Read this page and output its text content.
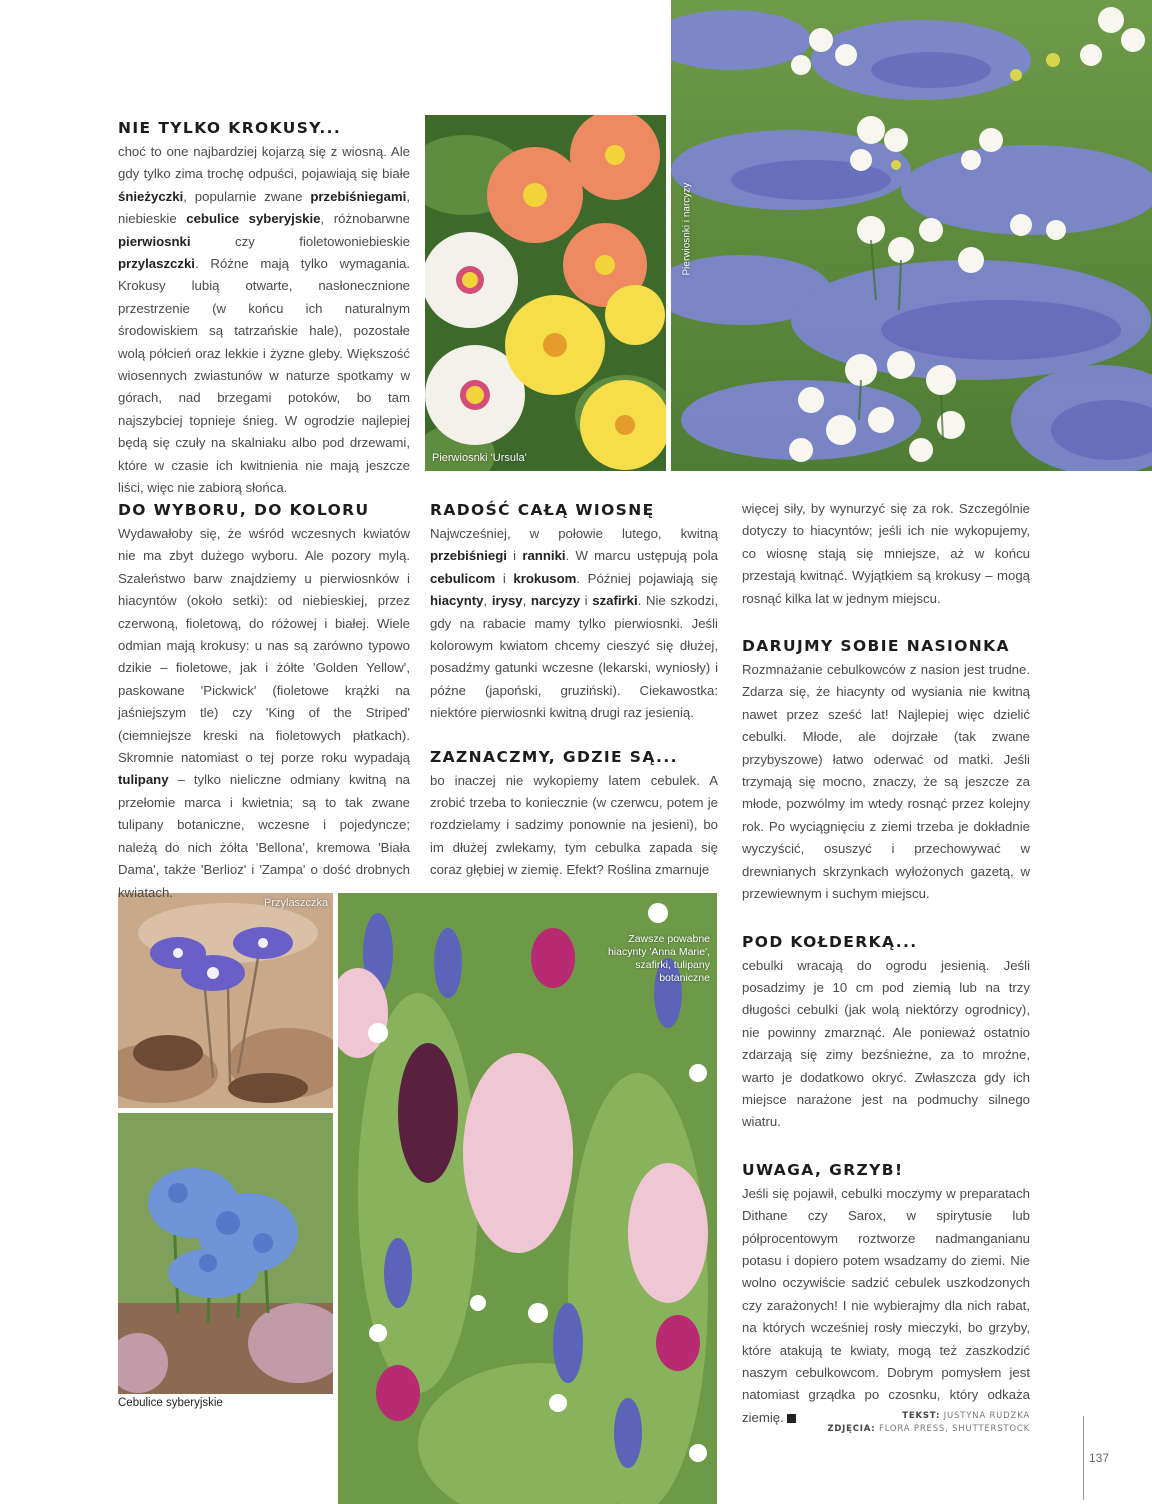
Pierwiosnki i narcyzy
Pierwiosnki 'Ursula'
Przylaszczka
Cebulice syberyjskie
Zawsze powabne hiacynty 'Anna Marie', szafirki, tulipany botaniczne
NIE TYLKO KROKUSY...

choć to one najbardziej kojarzą się z wiosną. Ale gdy tylko zima trochę odpuści, pojawiają się białe śnieżyczki, popularnie zwane przebiśniegami, niebieskie cebulice syberyjskie, różnobarwne pierwiosnki czy fioletowoniebieskie przylaszczki. Różne mają tylko wymagania. Krokusy lubią otwarte, nasłonecznione przestrzenie (w końcu ich naturalnym środowiskiem są tatrzańskie hale), pozostałe wolą półcień oraz lekkie i żyzne gleby. Większość wiosennych zwiastunów w naturze spotkamy w górach, nad brzegami potoków, bo tam najszybciej topnieje śnieg. W ogrodzie najlepiej będą się czuły na skalniaku albo pod drzewami, które w czasie ich kwitnienia nie mają jeszcze liści, więc nie zabiorą słońca.

DO WYBORU, DO KOLORU

Wydawałoby się, że wśród wczesnych kwiatów nie ma zbyt dużego wyboru. Ale pozory mylą. Szaleństwo barw znajdziemy u pierwiosnków i hiacyntów (około setki): od niebieskiej, przez czerwoną, fioletową, do różowej i białej. Wiele odmian mają krokusy: u nas są zarówno typowo dzikie – fioletowe, jak i żółte 'Golden Yellow', paskowane 'Pickwick' (fioletowe krążki na jaśniejszym tle) czy 'King of the Striped' (ciemniejsze kreski na fioletowych płatkach). Skromnie natomiast o tej porze roku wypadają tulipany – tylko nieliczne odmiany kwitną na przełomie marca i kwietnia; są to tak zwane tulipany botaniczne, wczesne i pojedyncze; należą do nich żółta 'Bellona', kremowa 'Biała Dama', także 'Berlioz' i 'Zampa' o dość drobnych kwiatach.

RADOŚĆ CAŁĄ WIOSNĘ

Najwcześniej, w połowie lutego, kwitną przebiśniegi i ranniki. W marcu ustępują pola cebulicom i krokusom. Później pojawiają się hiacynty, irysy, narcyzy i szafirki. Nie szkodzi, gdy na rabacie mamy tylko pierwiosnki. Jeśli kolorowym kwiatom chcemy cieszyć się dłużej, posadźmy gatunki wczesne (lekarski, wyniosły) i późne (japoński, gruziński). Ciekawostka: niektóre pierwiosnki kwitną drugi raz jesienią.

ZAZNACZMY, GDZIE SĄ...

bo inaczej nie wykopiemy latem cebulek. A zrobić trzeba to koniecznie (w czerwcu, potem je rozdzielamy i sadzimy ponownie na jesieni), bo im dłużej zwlekamy, tym cebulka zapada się coraz głębiej w ziemię. Efekt? Roślina zmarnuje

więcej siły, by wynurzyć się za rok. Szczególnie dotyczy to hiacyntów; jeśli ich nie wykopujemy, co wiosnę stają się mniejsze, aż w końcu przestają kwitnąć. Wyjątkiem są krokusy – mogą rosnąć kilka lat w jednym miejscu.

DARUJMY SOBIE NASIONKA

Rozmnażanie cebulkowców z nasion jest trudne. Zdarza się, że hiacynty od wysiania nie kwitną nawet przez sześć lat! Najlepiej więc dzielić cebulki. Młode, ale dojrzałe (tak zwane przybyszowe) łatwo oderwać od matki. Jeśli trzymają się mocno, znaczy, że są jeszcze za młode, pozwólmy im wtedy rosnąć przez kolejny rok. Po wyciągnięciu z ziemi trzeba je dokładnie wyczyścić, osuszyć i przechowywać w drewnianych skrzynkach wyłożonych gazetą, w przewiewnym i suchym miejscu.

POD KOŁDERKĄ...

cebulki wracają do ogrodu jesienią. Jeśli posadzimy je 10 cm pod ziemią lub na trzy długości cebulki (jak wolą niektórzy ogrodnicy), nie powinny zmarznąć. Ale ponieważ ostatnio zdarzają się zimy bezśnieżne, za to mroźne, warto je dodatkowo okryć. Zwłaszcza gdy ich miejsce narażone jest na podmuchy silnego wiatru.

UWAGA, GRZYB!

Jeśli się pojawił, cebulki moczymy w preparatach Dithane czy Sarox, w spirytusie lub półprocentowym roztworze nadmanganianu potasu i dopiero potem wsadzamy do ziemi. Nie wolno oczywiście sadzić cebulek uszkodzonych czy zarażonych! I nie wybierajmy dla nich rabat, na których wcześniej rosły mieczyki, bo grzyby, które atakują te kwiaty, mogą też zaszkodzić naszym cebulkowcom. Dobrym pomysłem jest natomiast grządka po czosnku, który odkaża ziemię.	TEKST: JUSTYNA RUDZKA
ZDJĘCIA: FLORA PRESS, SHUTTERSTOCK
137
